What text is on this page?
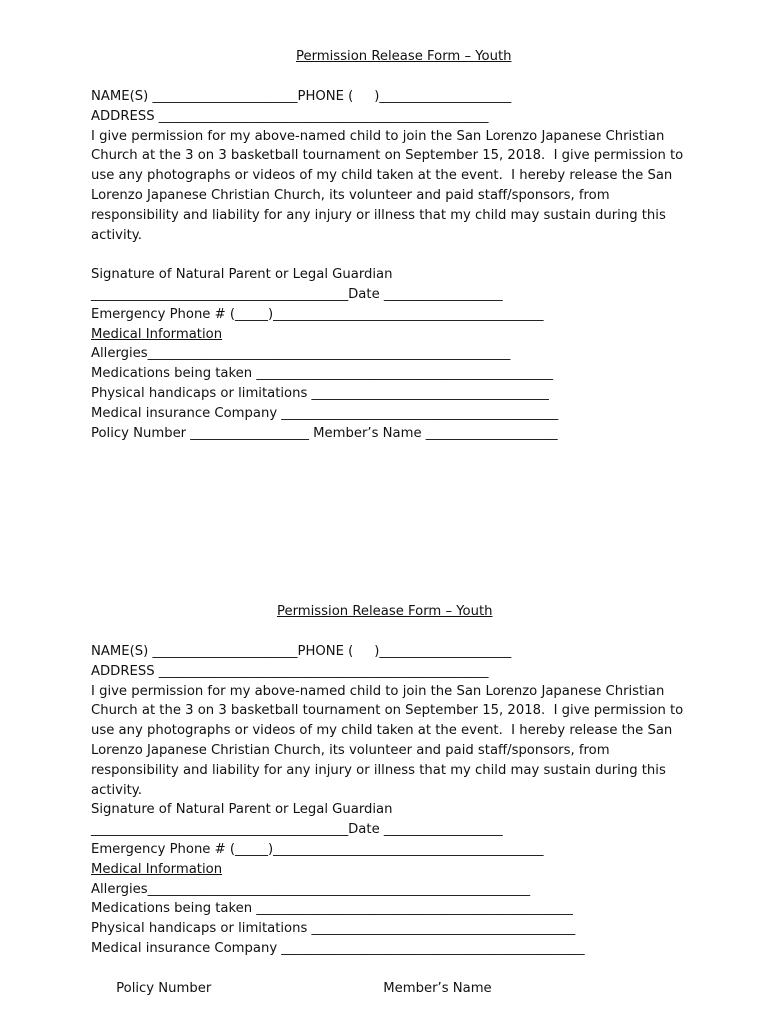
Permission Release Form – Youth
NAME(S) ______________________PHONE (     )____________________
ADDRESS __________________________________________________
I give permission for my above-named child to join the San Lorenzo Japanese Christian
Church at the 3 on 3 basketball tournament on September 15, 2018.  I give permission to
use any photographs or videos of my child taken at the event.  I hereby release the San
Lorenzo Japanese Christian Church, its volunteer and paid staff/sponsors, from
responsibility and liability for any injury or illness that my child may sustain during this
activity.
Signature of Natural Parent or Legal Guardian
_______________________________________Date __________________
Emergency Phone # (_____)_________________________________________
Medical Information
Allergies_______________________________________________________
Medications being taken _____________________________________________
Physical handicaps or limitations ____________________________________
Medical insurance Company __________________________________________
Policy Number __________________ Member’s Name ____________________
Permission Release Form – Youth
NAME(S) ______________________PHONE (     )____________________
ADDRESS __________________________________________________
I give permission for my above-named child to join the San Lorenzo Japanese Christian
Church at the 3 on 3 basketball tournament on September 15, 2018.  I give permission to
use any photographs or videos of my child taken at the event.  I hereby release the San
Lorenzo Japanese Christian Church, its volunteer and paid staff/sponsors, from
responsibility and liability for any injury or illness that my child may sustain during this
activity.
Signature of Natural Parent or Legal Guardian
_______________________________________Date __________________
Emergency Phone # (_____)_________________________________________
Medical Information
Allergies__________________________________________________________
Medications being taken ________________________________________________
Physical handicaps or limitations ________________________________________
Medical insurance Company ______________________________________________

Policy Number	Member’s Name
